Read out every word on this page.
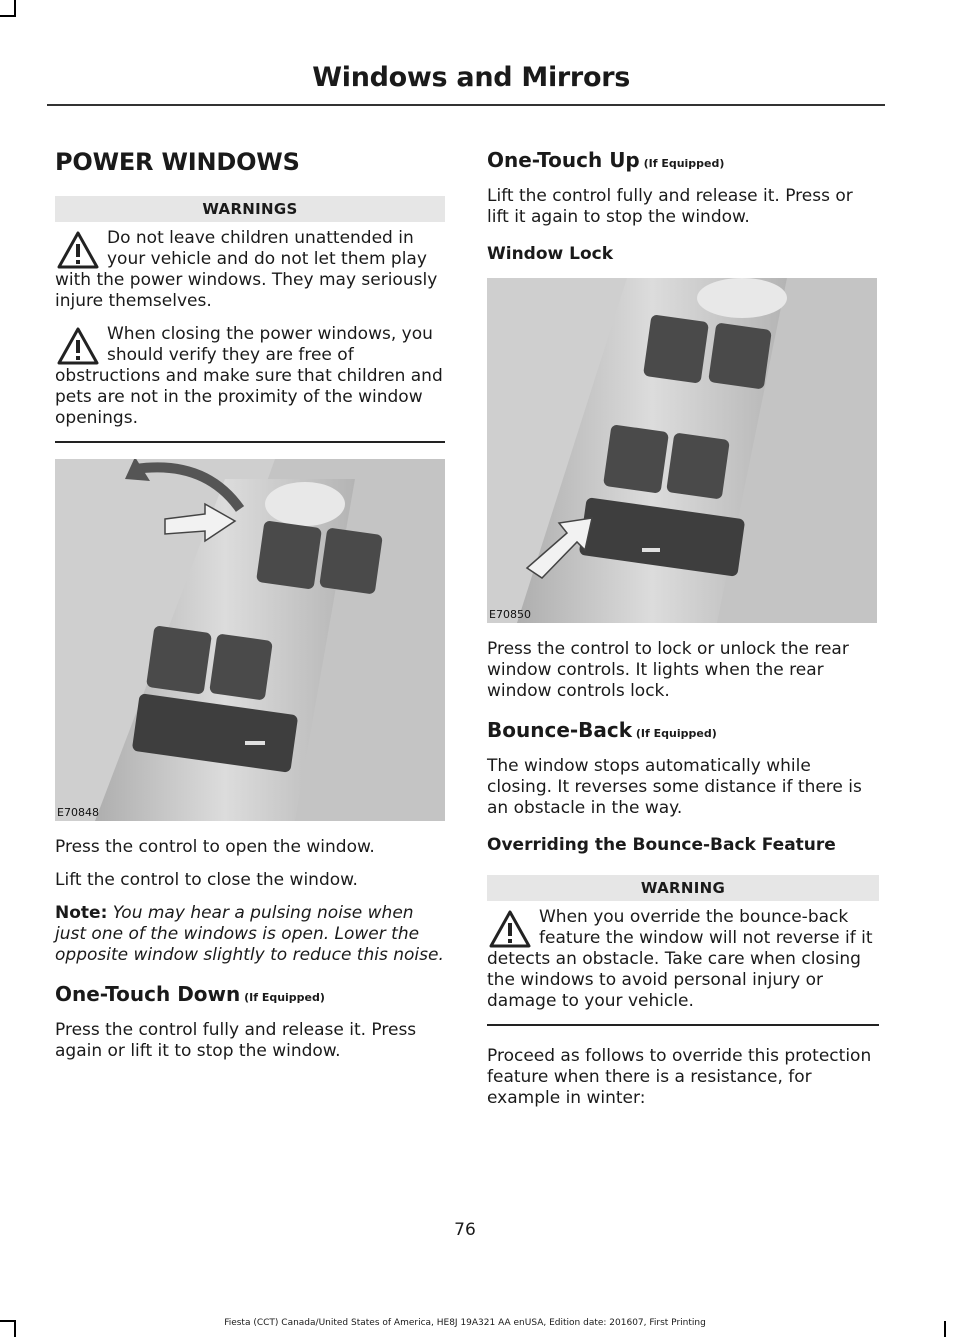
Windows and Mirrors
POWER WINDOWS
WARNINGS
Do not leave children unattended in your vehicle and do not let them play with the power windows. They may seriously injure themselves.
When closing the power windows, you should verify they are free of obstructions and make sure that children and pets are not in the proximity of the window openings.
E70848

Press the control to open the window.

Lift the control to close the window.

Note: You may hear a pulsing noise when just one of the windows is open. Lower the opposite window slightly to reduce this noise.

One-Touch Down (If Equipped)

Press the control fully and release it. Press again or lift it to stop the window.

One-Touch Up (If Equipped)

Lift the control fully and release it. Press or lift it again to stop the window.

Window Lock
E70850

Press the control to lock or unlock the rear window controls. It lights when the rear window controls lock.

Bounce-Back (If Equipped)

The window stops automatically while closing. It reverses some distance if there is an obstacle in the way.

Overriding the Bounce-Back Feature
WARNING
When you override the bounce-back feature the window will not reverse if it detects an obstacle. Take care when closing the windows to avoid personal injury or damage to your vehicle.

Proceed as follows to override this protection feature when there is a resistance, for example in winter:

76
Fiesta (CCT) Canada/United States of America, HE8J 19A321 AA enUSA, Edition date: 201607, First Printing
